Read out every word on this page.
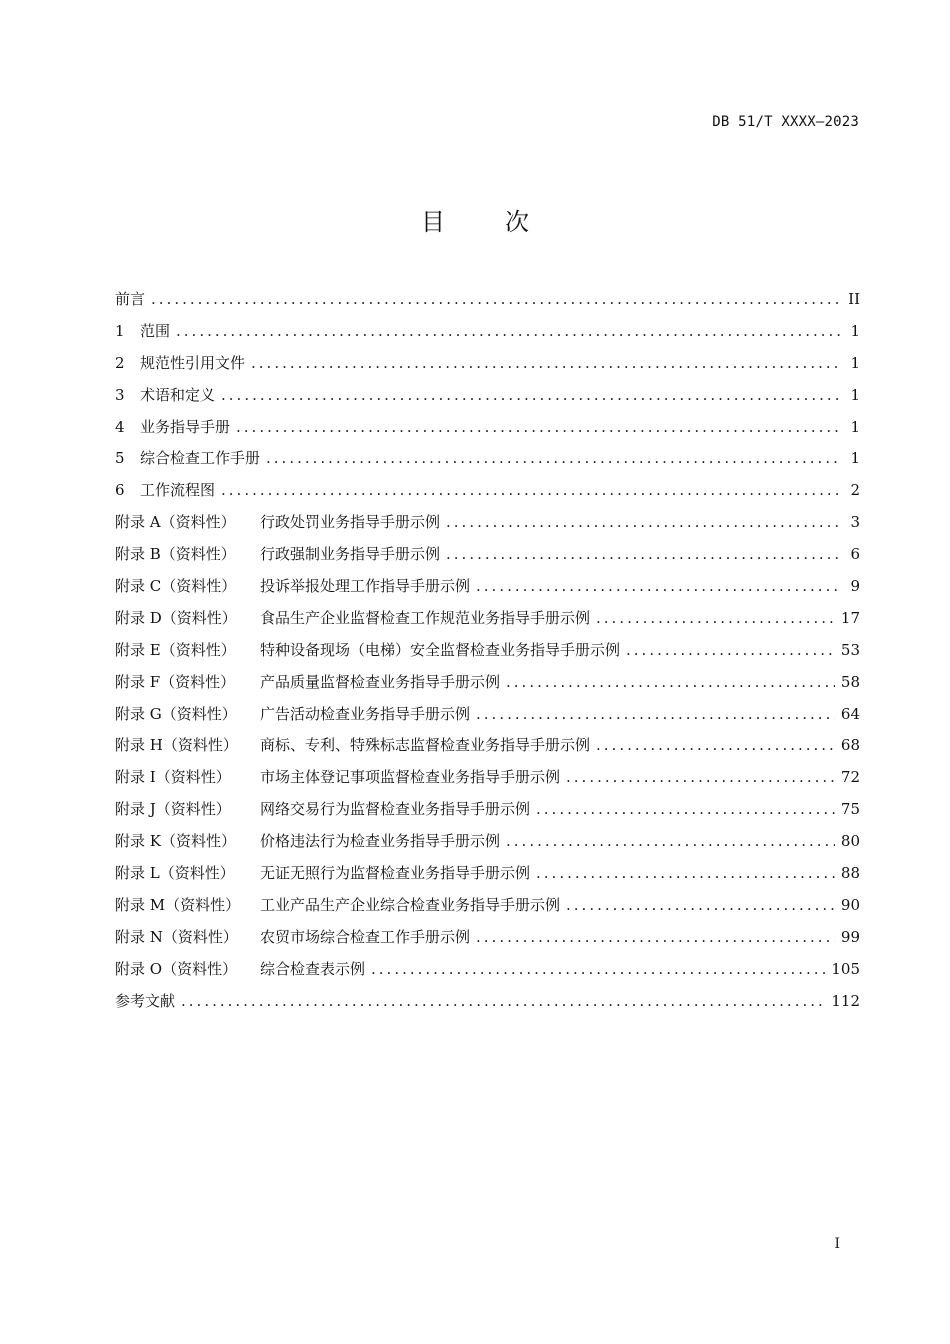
DB 51/T XXXX—2023
目次
前言 .....	II
1	范围 .....	1
2	规范性引用文件 .....	1
3	术语和定义 .....	1
4	业务指导手册 .....	1
5	综合检查工作手册 .....	1
6	工作流程图 .....	2
附录 A（资料性）	行政处罚业务指导手册示例 .....	3
附录 B（资料性）	行政强制业务指导手册示例 .....	6
附录 C（资料性）	投诉举报处理工作指导手册示例 .....	9
附录 D（资料性）	食品生产企业监督检查工作规范业务指导手册示例 .....	17
附录 E（资料性）	特种设备现场（电梯）安全监督检查业务指导手册示例 .....	53
附录 F（资料性）	产品质量监督检查业务指导手册示例 .....	58
附录 G（资料性）	广告活动检查业务指导手册示例 .....	64
附录 H（资料性）	商标、专利、特殊标志监督检查业务指导手册示例 .....	68
附录 I（资料性）	市场主体登记事项监督检查业务指导手册示例 .....	72
附录 J（资料性）	网络交易行为监督检查业务指导手册示例 .....	75
附录 K（资料性）	价格违法行为检查业务指导手册示例 .....	80
附录 L（资料性）	无证无照行为监督检查业务指导手册示例 .....	88
附录 M（资料性）	工业产品生产企业综合检查业务指导手册示例 .....	90
附录 N（资料性）	农贸市场综合检查工作手册示例 .....	99
附录 O（资料性）	综合检查表示例 .....	105
参考文献 .....	112
I
